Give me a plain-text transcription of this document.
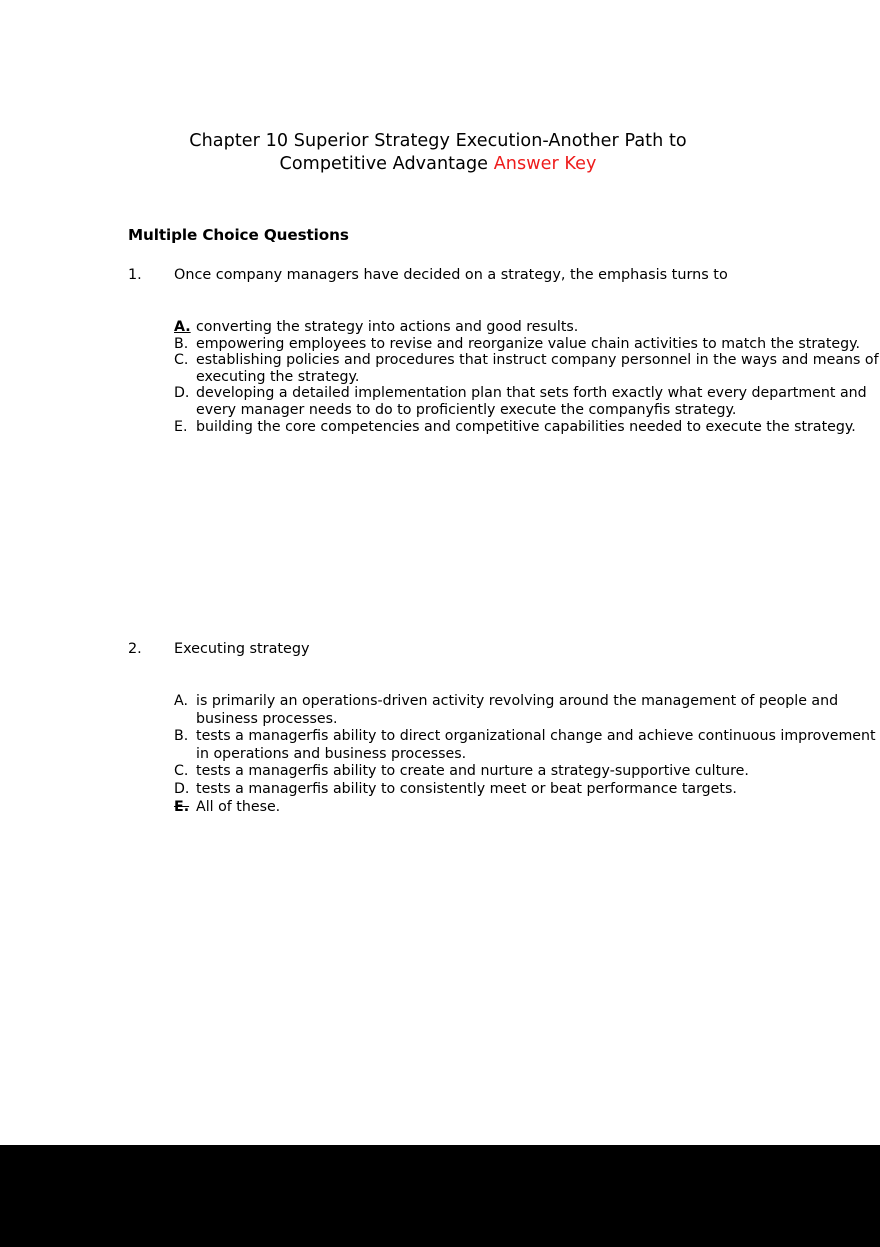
Chapter 10 Superior Strategy Execution-Another Path to
Competitive Advantage Answer Key
Multiple Choice Questions
1.	Once company managers have decided on a strategy, the emphasis turns to
A. converting the strategy into actions and good results.
B. empowering employees to revise and reorganize value chain activities to match the strategy.
C. establishing policies and procedures that instruct company personnel in the ways and means of executing the strategy.
D. developing a detailed implementation plan that sets forth exactly what every department and every manager needs to do to proficiently execute the companyfis strategy.
E. building the core competencies and competitive capabilities needed to execute the strategy.
2.	Executing strategy
A. is primarily an operations-driven activity revolving around the management of people and business processes.
B. tests a managerfis ability to direct organizational change and achieve continuous improvement in operations and business processes.
C. tests a managerfis ability to create and nurture a strategy-supportive culture.
D. tests a managerfis ability to consistently meet or beat performance targets.
E. All of these.
